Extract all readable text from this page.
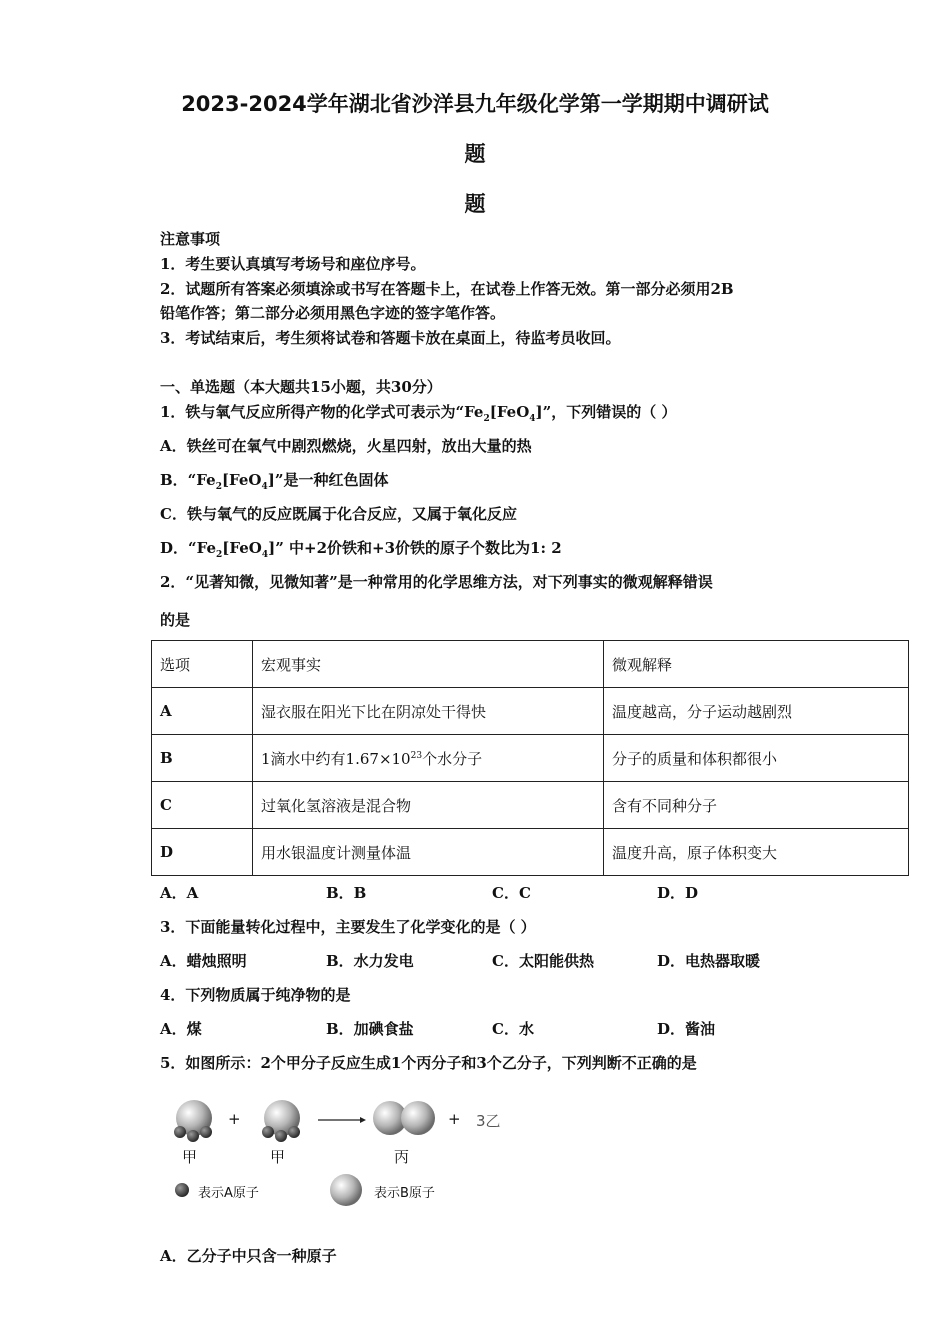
2023-2024学年湖北省沙洋县九年级化学第一学期期中调研试
题
题
注意事项
1．考生要认真填写考场号和座位序号。
2．试题所有答案必须填涂或书写在答题卡上，在试卷上作答无效。第一部分必须用2B
铅笔作答；第二部分必须用黑色字迹的签字笔作答。
3．考试结束后，考生须将试卷和答题卡放在桌面上，待监考员收回。
一、单选题（本大题共15小题，共30分）
1．铁与氧气反应所得产物的化学式可表示为“$Fe_2[FeO_4]$”，下列错误的（ ）
A．铁丝可在氧气中剧烈燃烧，火星四射，放出大量的热
B．“$Fe_2[FeO_4]$”是一种红色固体
C．铁与氧气的反应既属于化合反应，又属于氧化反应
D．“$Fe_2[FeO_4]$” 中+2价铁和+3价铁的原子个数比为1: 2
2．“见著知微，见微知著”是一种常用的化学思维方法，对下列事实的微观解释错误
的是
选项	宏观事实	微观解释
A	湿衣服在阳光下比在阴凉处干得快	温度越高，分子运动越剧烈
B	1滴水中约有$1.67\times 10^{23}$个水分子	分子的质量和体积都很小
C	过氧化氢溶液是混合物	含有不同种分子
D	用水银温度计测量体温	温度升高，原子体积变大
A．A	B．B	C．C	D．D
3．下面能量转化过程中，主要发生了化学变化的是（ ）
A．蜡烛照明	B．水力发电	C．太阳能供热	D．电热器取暖
4．下列物质属于纯净物的是
A．煤	B．加碘食盐	C．水	D．酱油
5．如图所示：2个甲分子反应生成1个丙分子和3个乙分子，下列判断不正确的是
+	+ 3乙
甲	甲	丙
表示A原子	表示B原子
A．乙分子中只含一种原子
